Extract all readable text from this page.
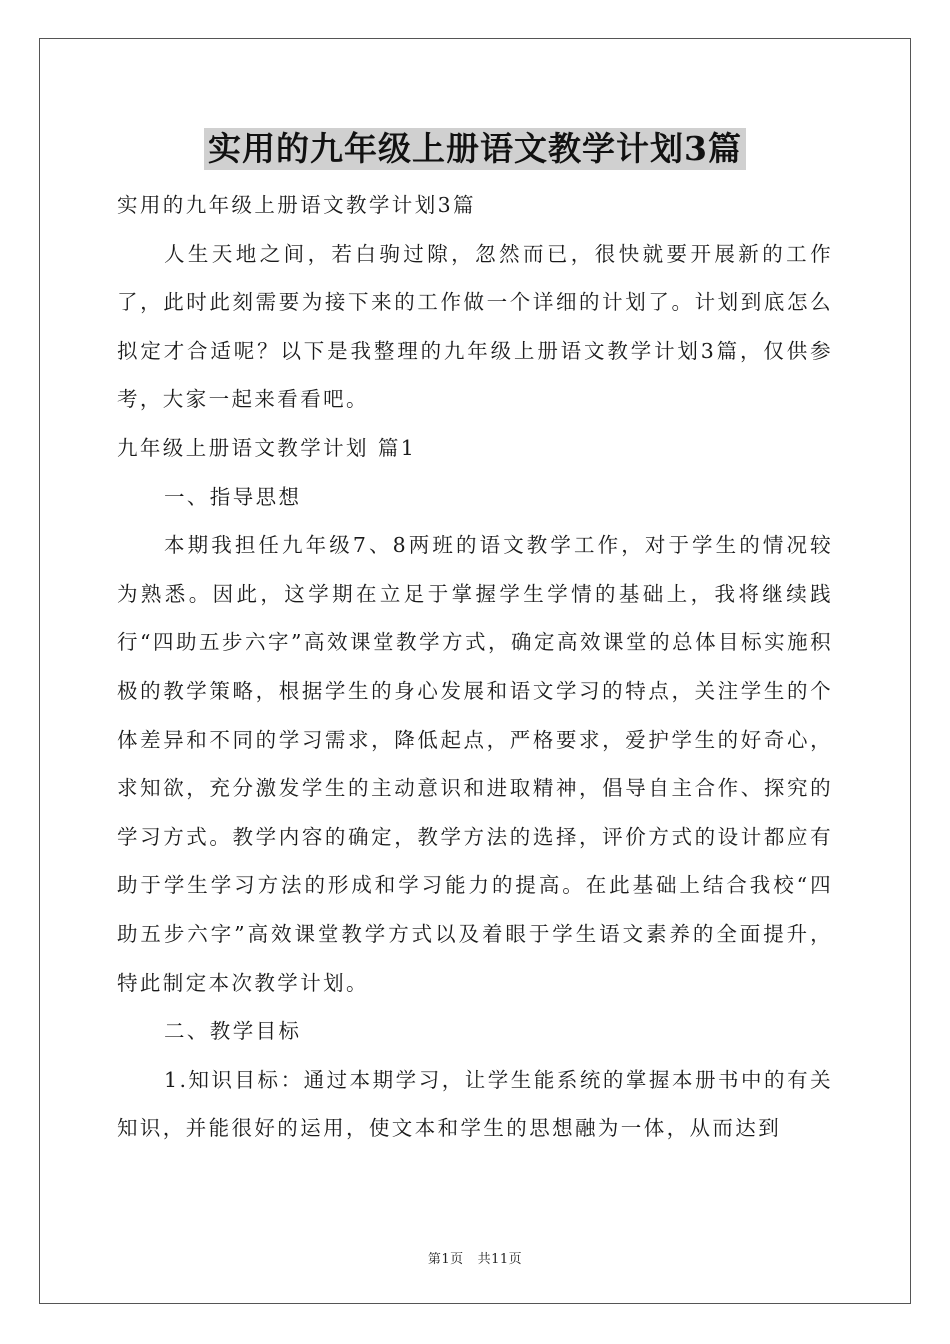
实用的九年级上册语文教学计划3篇

实用的九年级上册语文教学计划3篇

人生天地之间，若白驹过隙，忽然而已，很快就要开展新的工作了，此时此刻需要为接下来的工作做一个详细的计划了。计划到底怎么拟定才合适呢？以下是我整理的九年级上册语文教学计划3篇，仅供参考，大家一起来看看吧。

九年级上册语文教学计划 篇1

一、指导思想

本期我担任九年级7、8两班的语文教学工作，对于学生的情况较为熟悉。因此，这学期在立足于掌握学生学情的基础上，我将继续践行“四助五步六字”高效课堂教学方式，确定高效课堂的总体目标实施积极的教学策略，根据学生的身心发展和语文学习的特点，关注学生的个体差异和不同的学习需求，降低起点，严格要求，爱护学生的好奇心，求知欲，充分激发学生的主动意识和进取精神，倡导自主合作、探究的学习方式。教学内容的确定，教学方法的选择，评价方式的设计都应有助于学生学习方法的形成和学习能力的提高。在此基础上结合我校“四助五步六字”高效课堂教学方式以及着眼于学生语文素养的全面提升，特此制定本次教学计划。

二、教学目标

1.知识目标：通过本期学习，让学生能系统的掌握本册书中的有关知识，并能很好的运用，使文本和学生的思想融为一体，从而达到

第1页 共11页
